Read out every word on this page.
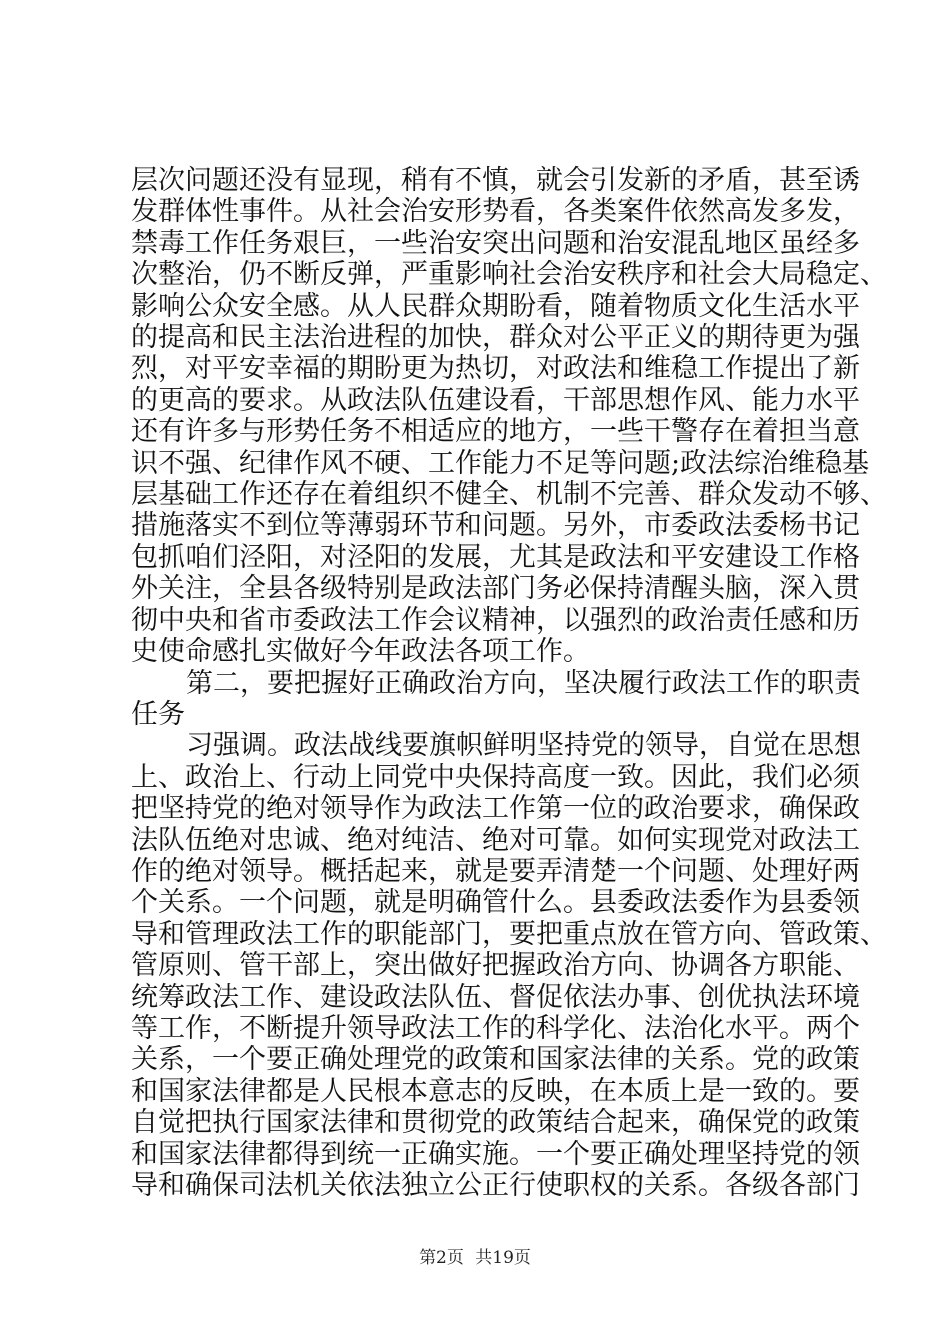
层次问题还没有显现，稍有不慎，就会引发新的矛盾，甚至诱
发群体性事件。从社会治安形势看，各类案件依然高发多发，
禁毒工作任务艰巨，一些治安突出问题和治安混乱地区虽经多
次整治，仍不断反弹，严重影响社会治安秩序和社会大局稳定、
影响公众安全感。从人民群众期盼看，随着物质文化生活水平
的提高和民主法治进程的加快，群众对公平正义的期待更为强
烈，对平安幸福的期盼更为热切，对政法和维稳工作提出了新
的更高的要求。从政法队伍建设看，干部思想作风、能力水平
还有许多与形势任务不相适应的地方，一些干警存在着担当意
识不强、纪律作风不硬、工作能力不足等问题;政法综治维稳基
层基础工作还存在着组织不健全、机制不完善、群众发动不够、
措施落实不到位等薄弱环节和问题。另外，市委政法委杨书记
包抓咱们泾阳，对泾阳的发展，尤其是政法和平安建设工作格
外关注，全县各级特别是政法部门务必保持清醒头脑，深入贯
彻中央和省市委政法工作会议精神，以强烈的政治责任感和历
史使命感扎实做好今年政法各项工作。
第二，要把握好正确政治方向，坚决履行政法工作的职责
任务
习强调。政法战线要旗帜鲜明坚持党的领导，自觉在思想
上、政治上、行动上同党中央保持高度一致。因此，我们必须
把坚持党的绝对领导作为政法工作第一位的政治要求，确保政
法队伍绝对忠诚、绝对纯洁、绝对可靠。如何实现党对政法工
作的绝对领导。概括起来，就是要弄清楚一个问题、处理好两
个关系。一个问题，就是明确管什么。县委政法委作为县委领
导和管理政法工作的职能部门，要把重点放在管方向、管政策、
管原则、管干部上，突出做好把握政治方向、协调各方职能、
统筹政法工作、建设政法队伍、督促依法办事、创优执法环境
等工作，不断提升领导政法工作的科学化、法治化水平。两个
关系，一个要正确处理党的政策和国家法律的关系。党的政策
和国家法律都是人民根本意志的反映，在本质上是一致的。要
自觉把执行国家法律和贯彻党的政策结合起来，确保党的政策
和国家法律都得到统一正确实施。一个要正确处理坚持党的领
导和确保司法机关依法独立公正行使职权的关系。各级各部门
第2页 共19页
